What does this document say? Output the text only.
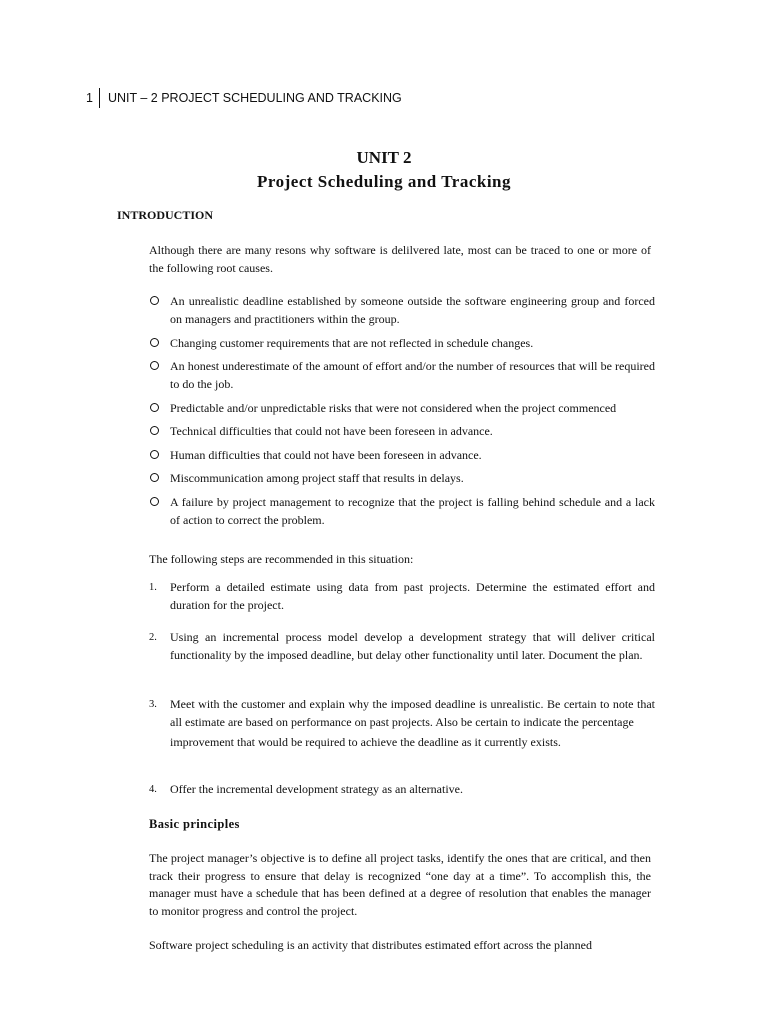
1 UNIT – 2 PROJECT SCHEDULING AND TRACKING
UNIT 2
Project Scheduling and Tracking
INTRODUCTION

Although there are many resons why software is delilvered late, most can be traced to one or more of the following root causes.

An unrealistic deadline established by someone outside the software engineering group and forced on managers and practitioners within the group.
Changing customer requirements that are not reflected in schedule changes.
An honest underestimate of the amount of effort and/or the number of resources that will be required to do the job.
Predictable and/or unpredictable risks that were not considered when the project commenced
Technical difficulties that could not have been foreseen in advance.
Human difficulties that could not have been foreseen in advance.
Miscommunication among project staff that results in delays.
A failure by project management to recognize that the project is falling behind schedule and a lack of action to correct the problem.

The following steps are recommended in this situation:

1.	Perform a detailed estimate using data from past projects. Determine the estimated effort and duration for the project.
2.	Using an incremental process model develop a development strategy that will deliver critical functionality by the imposed deadline, but delay other functionality until later. Document the plan.
3.	Meet with the customer and explain why the imposed deadline is unrealistic. Be certain to note that all estimate are based on performance on past projects. Also be certain to indicate the percentage
improvement that would be required to achieve the deadline as it currently exists.
4.	Offer the incremental development strategy as an alternative.
Basic principles

The project manager’s objective is to define all project tasks, identify the ones that are critical, and then track their progress to ensure that delay is recognized “one day at a time”. To accomplish this, the manager must have a schedule that has been defined at a degree of resolution that enables the manager to monitor progress and control the project.

Software project scheduling is an activity that distributes estimated effort across the planned
